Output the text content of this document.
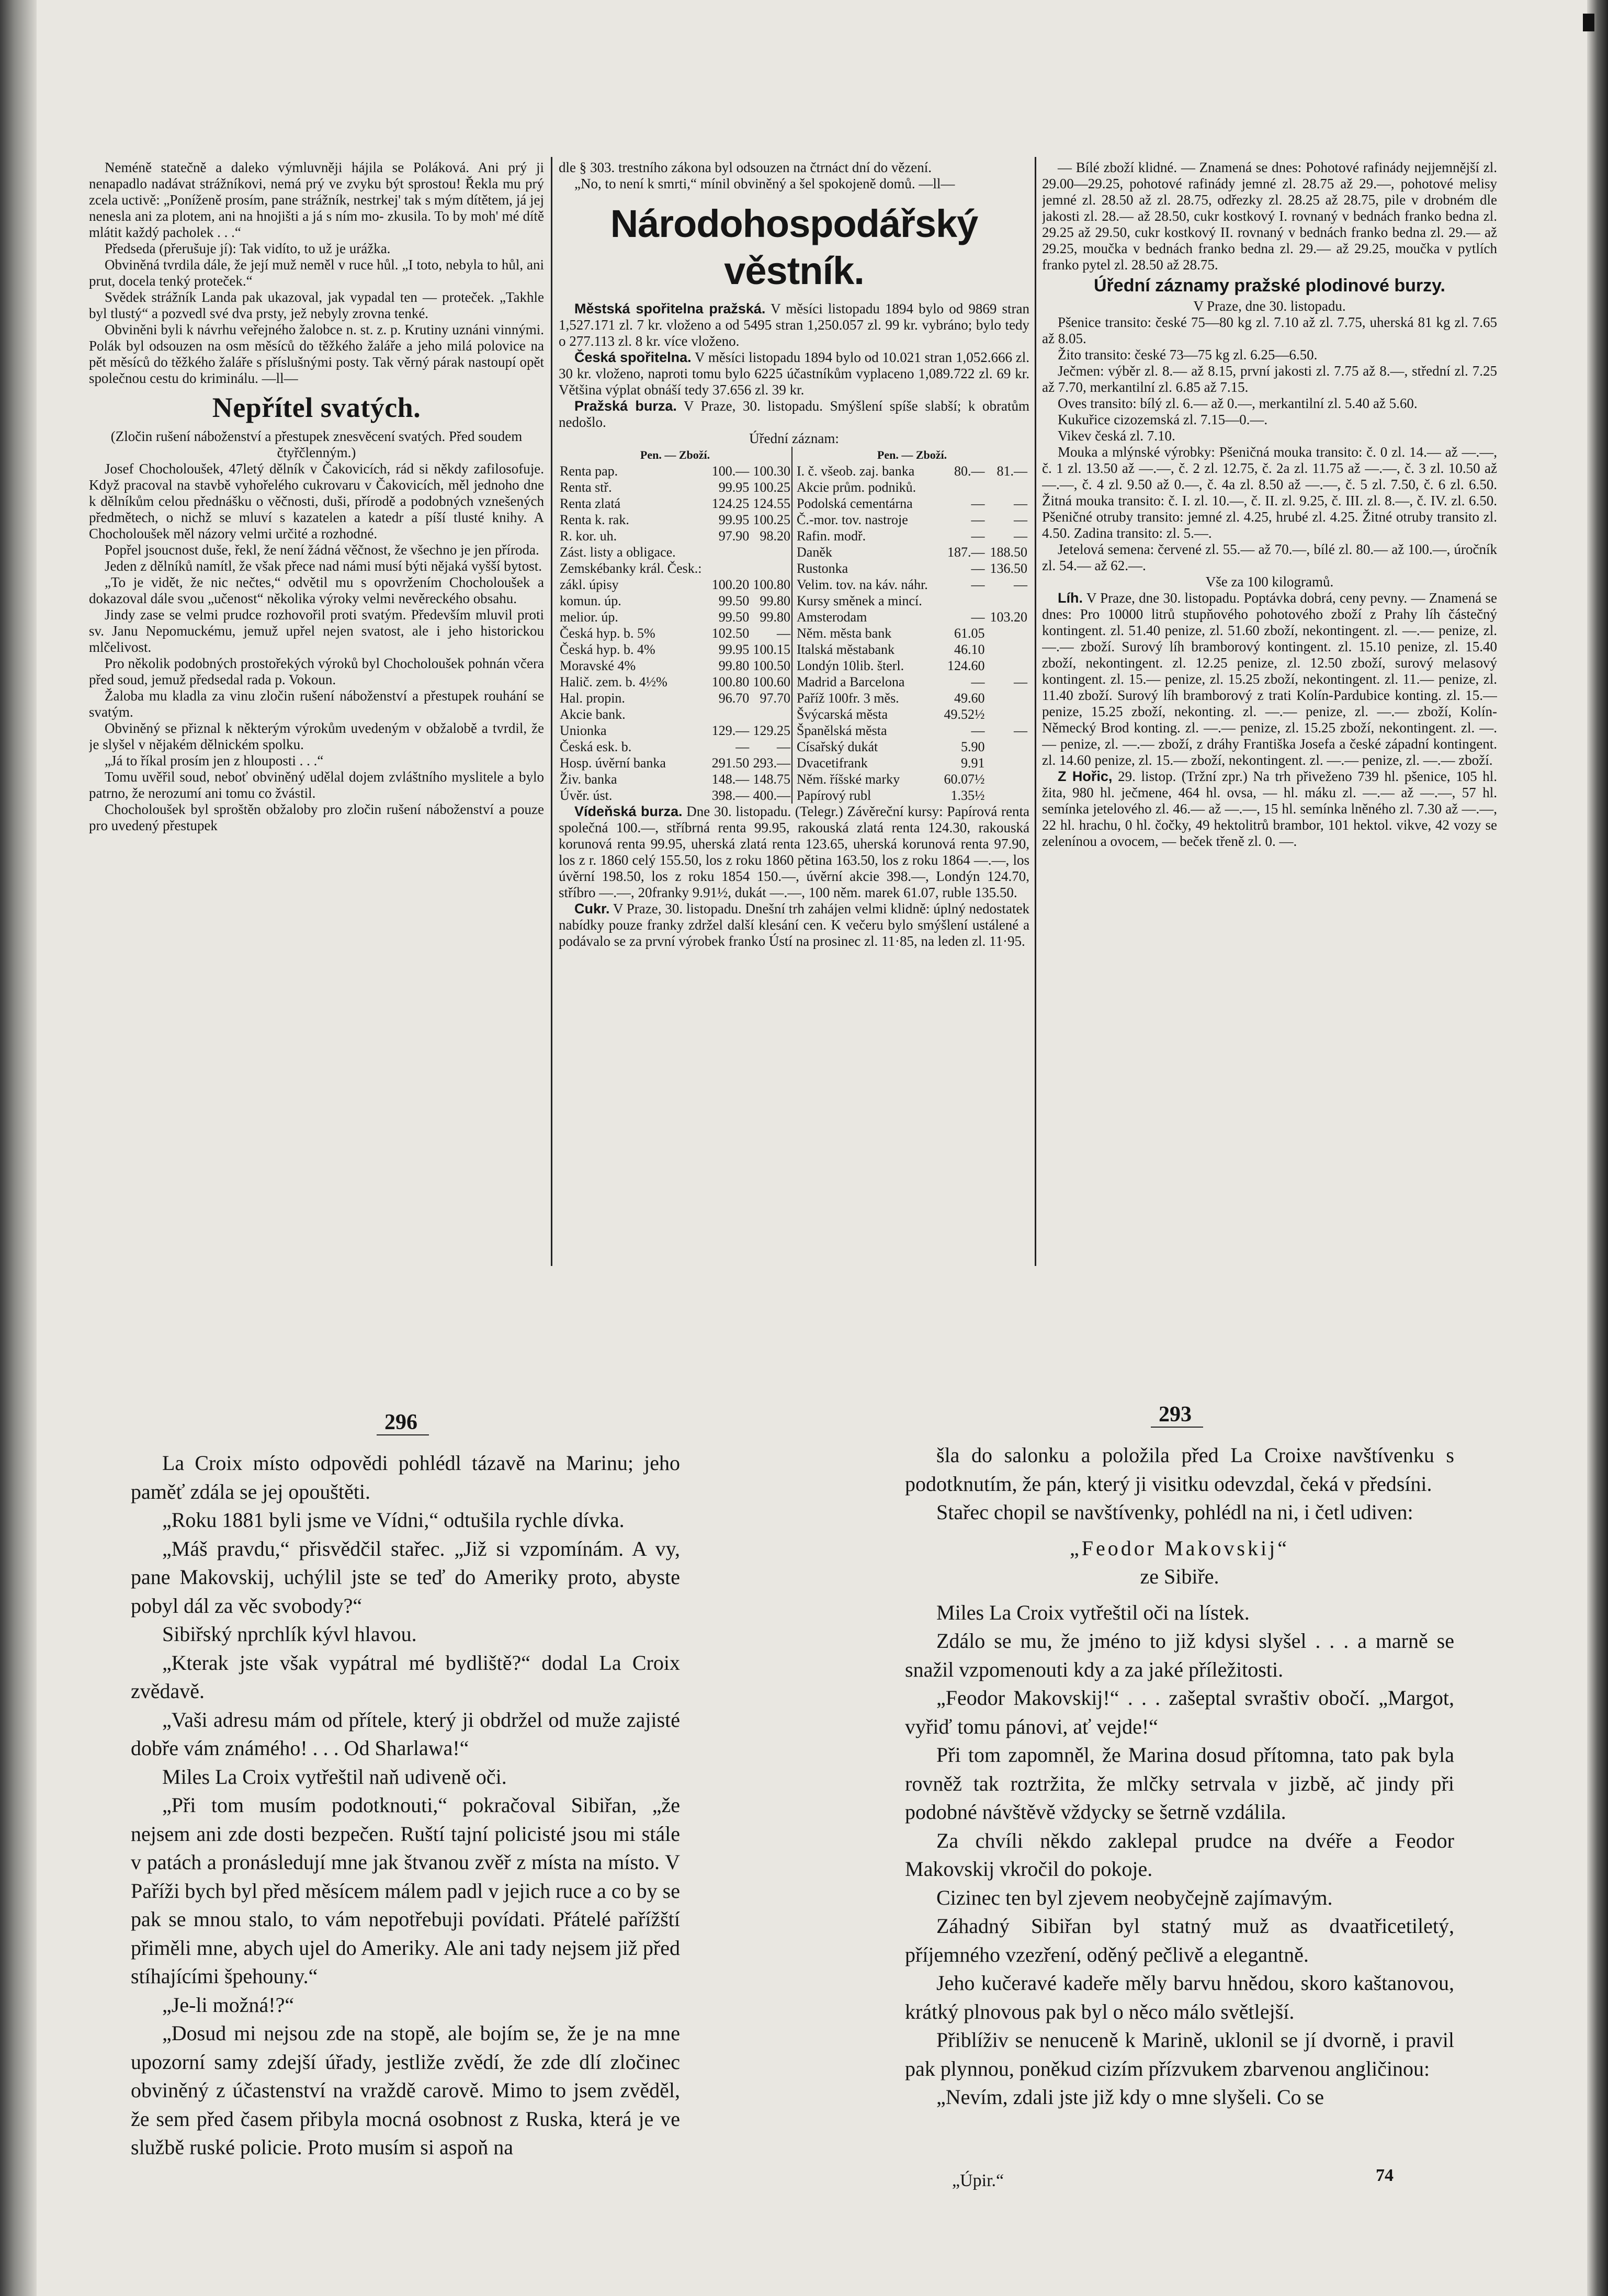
Neméně statečně a daleko výmluvněji hájila se Poláková. Ani prý ji nenapadlo nadávat strážníkovi, nemá prý ve zvyku být sprostou! Řekla mu prý zcela uctivě: „Poníženě prosím, pane strážník, nestrkej' tak s mým dítětem, já jej nenesla ani za plotem, ani na hnojišti a já s ním mo- zkusila. To by moh' mé dítě mlátit každý pacholek . . .“

Předseda (přerušuje jí): Tak vidíto, to už je urážka.

Obviněná tvrdila dále, že její muž neměl v ruce hůl. „I toto, nebyla to hůl, ani prut, docela tenký proteček.“

Svědek strážník Landa pak ukazoval, jak vypadal ten — proteček. „Takhle byl tlustý“ a pozvedl své dva prsty, jež nebyly zrovna tenké.

Obviněni byli k návrhu veřejného žalobce n. st. z. p. Krutiny uznáni vinnými. Polák byl odsouzen na osm měsíců do těžkého žaláře a jeho milá polovice na pět měsíců do těžkého žaláře s příslušnými posty. Tak věrný párak nastoupí opět společnou cestu do kriminálu. —ll—

Nepřítel svatých.

(Zločin rušení náboženství a přestupek znesvěcení svatých. Před soudem čtyřčlenným.)

Josef Chocholoušek, 47letý dělník v Čakovicích, rád si někdy zafilosofuje. Když pracoval na stavbě vyhořelého cukrovaru v Čakovicích, měl jednoho dne k dělníkům celou přednášku o věčnosti, duši, přírodě a podobných vznešených předmětech, o nichž se mluví s kazatelen a katedr a píší tlusté knihy. A Chocholoušek měl názory velmi určité a rozhodné.

Popřel jsoucnost duše, řekl, že není žádná věčnost, že všechno je jen příroda.

Jeden z dělníků namítl, že však přece nad námi musí býti nějaká vyšší bytost.

„To je vidět, že nic nečtes,“ odvětil mu s opovržením Chocholoušek a dokazoval dále svou „učenost“ několika výroky velmi nevěreckého obsahu.

Jindy zase se velmi prudce rozhovořil proti svatým. Především mluvil proti sv. Janu Nepomuckému, jemuž upřel nejen svatost, ale i jeho historickou mlčelivost.

Pro několik podobných prostořekých výroků byl Chocholoušek pohnán včera před soud, jemuž předsedal rada p. Vokoun.

Žaloba mu kladla za vinu zločin rušení náboženství a přestupek rouhání se svatým.

Obviněný se přiznal k některým výrokům uvedeným v obžalobě a tvrdil, že je slyšel v nějakém dělnickém spolku.

„Já to říkal prosím jen z hlouposti . . .“

Tomu uvěřil soud, neboť obviněný udělal dojem zvláštního myslitele a bylo patrno, že nerozumí ani tomu co žvástil.

Chocholoušek byl sproštěn obžaloby pro zločin rušení náboženství a pouze pro uvedený přestupek

dle § 303. trestního zákona byl odsouzen na čtrnáct dní do vězení.

„No, to není k smrti,“ mínil obviněný a šel spokojeně domů. —ll—

Národohospodářský věstník.

Městská spořitelna pražská. V měsíci listopadu 1894 bylo od 9869 stran 1,527.171 zl. 7 kr. vloženo a od 5495 stran 1,250.057 zl. 99 kr. vybráno; bylo tedy o 277.113 zl. 8 kr. více vloženo.

Česká spořitelna. V měsíci listopadu 1894 bylo od 10.021 stran 1,052.666 zl. 30 kr. vloženo, naproti tomu bylo 6225 účastníkům vyplaceno 1,089.722 zl. 69 kr. Většina výplat obnáší tedy 37.656 zl. 39 kr.

Pražská burza. V Praze, 30. listopadu. Smýšlení spíše slabší; k obratům nedošlo.

Úřední záznam:

Pen. — Zboží.
Renta pap.	100.—	100.30
Renta stř.	99.95	100.25
Renta zlatá	124.25	124.55
Renta k. rak.	99.95	100.25
R. kor. uh.	97.90	98.20
Zást. listy a obligace.		
Zemskébanky král. Česk.:		
zákl. úpisy	100.20	100.80
komun. úp.	99.50	99.80
melior. úp.	99.50	99.80
Česká hyp. b. 5%	102.50	—
Česká hyp. b. 4%	99.95	100.15
Moravské 4%	99.80	100.50
Halič. zem. b. 4½%	100.80	100.60
Hal. propin.	96.70	97.70
Akcie bank.		
Unionka	129.—	129.25
Česká esk. b.	—	—
Hosp. úvěrní banka	291.50	293.—
Živ. banka	148.—	148.75
Úvěr. úst.	398.—	400.—
Pen. — Zboží.
I. č. všeob. zaj. banka	80.—	81.—
Akcie prům. podniků.		
Podolská cementárna	—	—
Č.-mor. tov. nastroje	—	—
Rafin. modř.	—	—
Daněk	187.—	188.50
Rustonka	—	136.50
Velim. tov. na káv. náhr.	—	—
Kursy směnek a mincí.		
Amsterodam	—	103.20
Něm. města bank	61.05	
Italská městabank	46.10	
Londýn 10lib. šterl.	124.60	
Madrid a Barcelona	—	—
Paříž 100fr. 3 měs.	49.60	
Švýcarská města	49.52½	
Španělská města	—	—
Císařský dukát	5.90	
Dvacetifrank	9.91	
Něm. říšské marky	60.07½	
Papírový rubl	1.35½	

Vídeňská burza. Dne 30. listopadu. (Telegr.) Závěreční kursy: Papírová renta společná 100.—, stříbrná renta 99.95, rakouská zlatá renta 124.30, rakouská korunová renta 99.95, uherská zlatá renta 123.65, uherská korunová renta 97.90, los z r. 1860 celý 155.50, los z roku 1860 pětina 163.50, los z roku 1864 —.—, los úvěrní 198.50, los z roku 1854 150.—, úvěrní akcie 398.—, Londýn 124.70, stříbro —.—, 20franky 9.91½, dukát —.—, 100 něm. marek 61.07, ruble 135.50.

Cukr. V Praze, 30. listopadu. Dnešní trh zahájen velmi klidně: úplný nedostatek nabídky pouze franky zdržel další klesání cen. K večeru bylo smýšlení ustálené a podávalo se za první výrobek franko Ústí na prosinec zl. 11·85, na leden zl. 11·95.

— Bílé zboží klidné. — Znamená se dnes: Pohotové rafinády nejjemnější zl. 29.00—29.25, pohotové rafinády jemné zl. 28.75 až 29.—, pohotové melisy jemné zl. 28.50 až zl. 28.75, odřezky zl. 28.25 až 28.75, pile v drobném dle jakosti zl. 28.— až 28.50, cukr kostkový I. rovnaný v bednách franko bedna zl. 29.25 až 29.50, cukr kostkový II. rovnaný v bednách franko bedna zl. 29.— až 29.25, moučka v bednách franko bedna zl. 29.— až 29.25, moučka v pytlích franko pytel zl. 28.50 až 28.75.

Úřední záznamy pražské plodinové burzy.

V Praze, dne 30. listopadu.

Pšenice transito: české 75—80 kg zl. 7.10 až zl. 7.75, uherská 81 kg zl. 7.65 až 8.05.

Žito transito: české 73—75 kg zl. 6.25—6.50.

Ječmen: výběr zl. 8.— až 8.15, první jakosti zl. 7.75 až 8.—, střední zl. 7.25 až 7.70, merkantilní zl. 6.85 až 7.15.

Oves transito: bílý zl. 6.— až 0.—, merkantilní zl. 5.40 až 5.60.

Kukuřice cizozemská zl. 7.15—0.—.

Vikev česká zl. 7.10.

Mouka a mlýnské výrobky: Pšeničná mouka transito: č. 0 zl. 14.— až —.—, č. 1 zl. 13.50 až —.—, č. 2 zl. 12.75, č. 2a zl. 11.75 až —.—, č. 3 zl. 10.50 až —.—, č. 4 zl. 9.50 až 0.—, č. 4a zl. 8.50 až —.—, č. 5 zl. 7.50, č. 6 zl. 6.50. Žitná mouka transito: č. I. zl. 10.—, č. II. zl. 9.25, č. III. zl. 8.—, č. IV. zl. 6.50. Pšeničné otruby transito: jemné zl. 4.25, hrubé zl. 4.25. Žitné otruby transito zl. 4.50. Zadina transito: zl. 5.—.

Jetelová semena: červené zl. 55.— až 70.—, bílé zl. 80.— až 100.—, úročník zl. 54.— až 62.—.

Vše za 100 kilogramů.

Líh. V Praze, dne 30. listopadu. Poptávka dobrá, ceny pevny. — Znamená se dnes: Pro 10000 litrů stupňového pohotového zboží z Prahy líh částečný kontingent. zl. 51.40 penize, zl. 51.60 zboží, nekontingent. zl. —.— penize, zl. —.— zboží. Surový líh bramborový kontingent. zl. 15.10 penize, zl. 15.40 zboží, nekontingent. zl. 12.25 penize, zl. 12.50 zboží, surový melasový kontingent. zl. 15.— penize, zl. 15.25 zboží, nekontingent. zl. 11.— penize, zl. 11.40 zboží. Surový líh bramborový z trati Kolín-Pardubice konting. zl. 15.— penize, 15.25 zboží, nekonting. zl. —.— penize, zl. —.— zboží, Kolín-Německý Brod konting. zl. —.— penize, zl. 15.25 zboží, nekontingent. zl. —.— penize, zl. —.— zboží, z dráhy Františka Josefa a české západní kontingent. zl. 14.60 penize, zl. 15.— zboží, nekontingent. zl. —.— penize, zl. —.— zboží.

Z Hořic, 29. listop. (Tržní zpr.) Na trh přiveženo 739 hl. pšenice, 105 hl. žita, 980 hl. ječmene, 464 hl. ovsa, — hl. máku zl. —.— až —.—, 57 hl. semínka jetelového zl. 46.— až —.—, 15 hl. semínka lněného zl. 7.30 až —.—, 22 hl. hrachu, 0 hl. čočky, 49 hektolitrů brambor, 101 hektol. vikve, 42 vozy se zelenínou a ovocem, — beček třeně zl. 0. —.

296

La Croix místo odpovědi pohlédl tázavě na Marinu; jeho paměť zdála se jej opouštěti.

„Roku 1881 byli jsme ve Vídni,“ odtušila rychle dívka.

„Máš pravdu,“ přisvědčil stařec. „Již si vzpomínám. A vy, pane Makovskij, uchýlil jste se teď do Ameriky proto, abyste pobyl dál za věc svobody?“

Sibiřský nprchlík kývl hlavou.

„Kterak jste však vypátral mé bydliště?“ dodal La Croix zvědavě.

„Vaši adresu mám od přítele, který ji obdržel od muže zajisté dobře vám známého! . . . Od Sharlawa!“

Miles La Croix vytřeštil naň udiveně oči.

„Při tom musím podotknouti,“ pokračoval Sibiřan, „že nejsem ani zde dosti bezpečen. Ruští tajní policisté jsou mi stále v patách a pronásledují mne jak štvanou zvěř z místa na místo. V Paříži bych byl před měsícem málem padl v jejich ruce a co by se pak se mnou stalo, to vám nepotřebuji povídati. Přátelé pařížští přiměli mne, abych ujel do Ameriky. Ale ani tady nejsem již před stíhajícími špehouny.“

„Je-li možná!?“

„Dosud mi nejsou zde na stopě, ale bojím se, že je na mne upozorní samy zdejší úřady, jestliže zvědí, že zde dlí zločinec obviněný z účastenství na vraždě carově. Mimo to jsem zvěděl, že sem před časem přibyla mocná osobnost z Ruska, která je ve službě ruské policie. Proto musím si aspoň na

293

šla do salonku a položila před La Croixe navštívenku s podotknutím, že pán, který ji visitku odevzdal, čeká v předsíni.

Stařec chopil se navštívenky, pohlédl na ni, i četl udiven:

„Feodor Makovskij“

ze Sibiře.

Miles La Croix vytřeštil oči na lístek.

Zdálo se mu, že jméno to již kdysi slyšel . . . a marně se snažil vzpomenouti kdy a za jaké příležitosti.

„Feodor Makovskij!“ . . . zašeptal svraštiv obočí. „Margot, vyřiď tomu pánovi, ať vejde!“

Při tom zapomněl, že Marina dosud přítomna, tato pak byla rovněž tak roztržita, že mlčky setrvala v jizbě, ač jindy při podobné návštěvě vždycky se šetrně vzdálila.

Za chvíli někdo zaklepal prudce na dvéře a Feodor Makovskij vkročil do pokoje.

Cizinec ten byl zjevem neobyčejně zajímavým.

Záhadný Sibiřan byl statný muž as dvaatřicetiletý, příjemného vzezření, oděný pečlivě a elegantně.

Jeho kučeravé kadeře měly barvu hnědou, skoro kaštanovou, krátký plnovous pak byl o něco málo světlejší.

Přiblíživ se nenuceně k Marině, uklonil se jí dvorně, i pravil pak plynnou, poněkud cizím přízvukem zbarvenou angličinou:

„Nevím, zdali jste již kdy o mne slyšeli. Co se

„Úpir.“	74
